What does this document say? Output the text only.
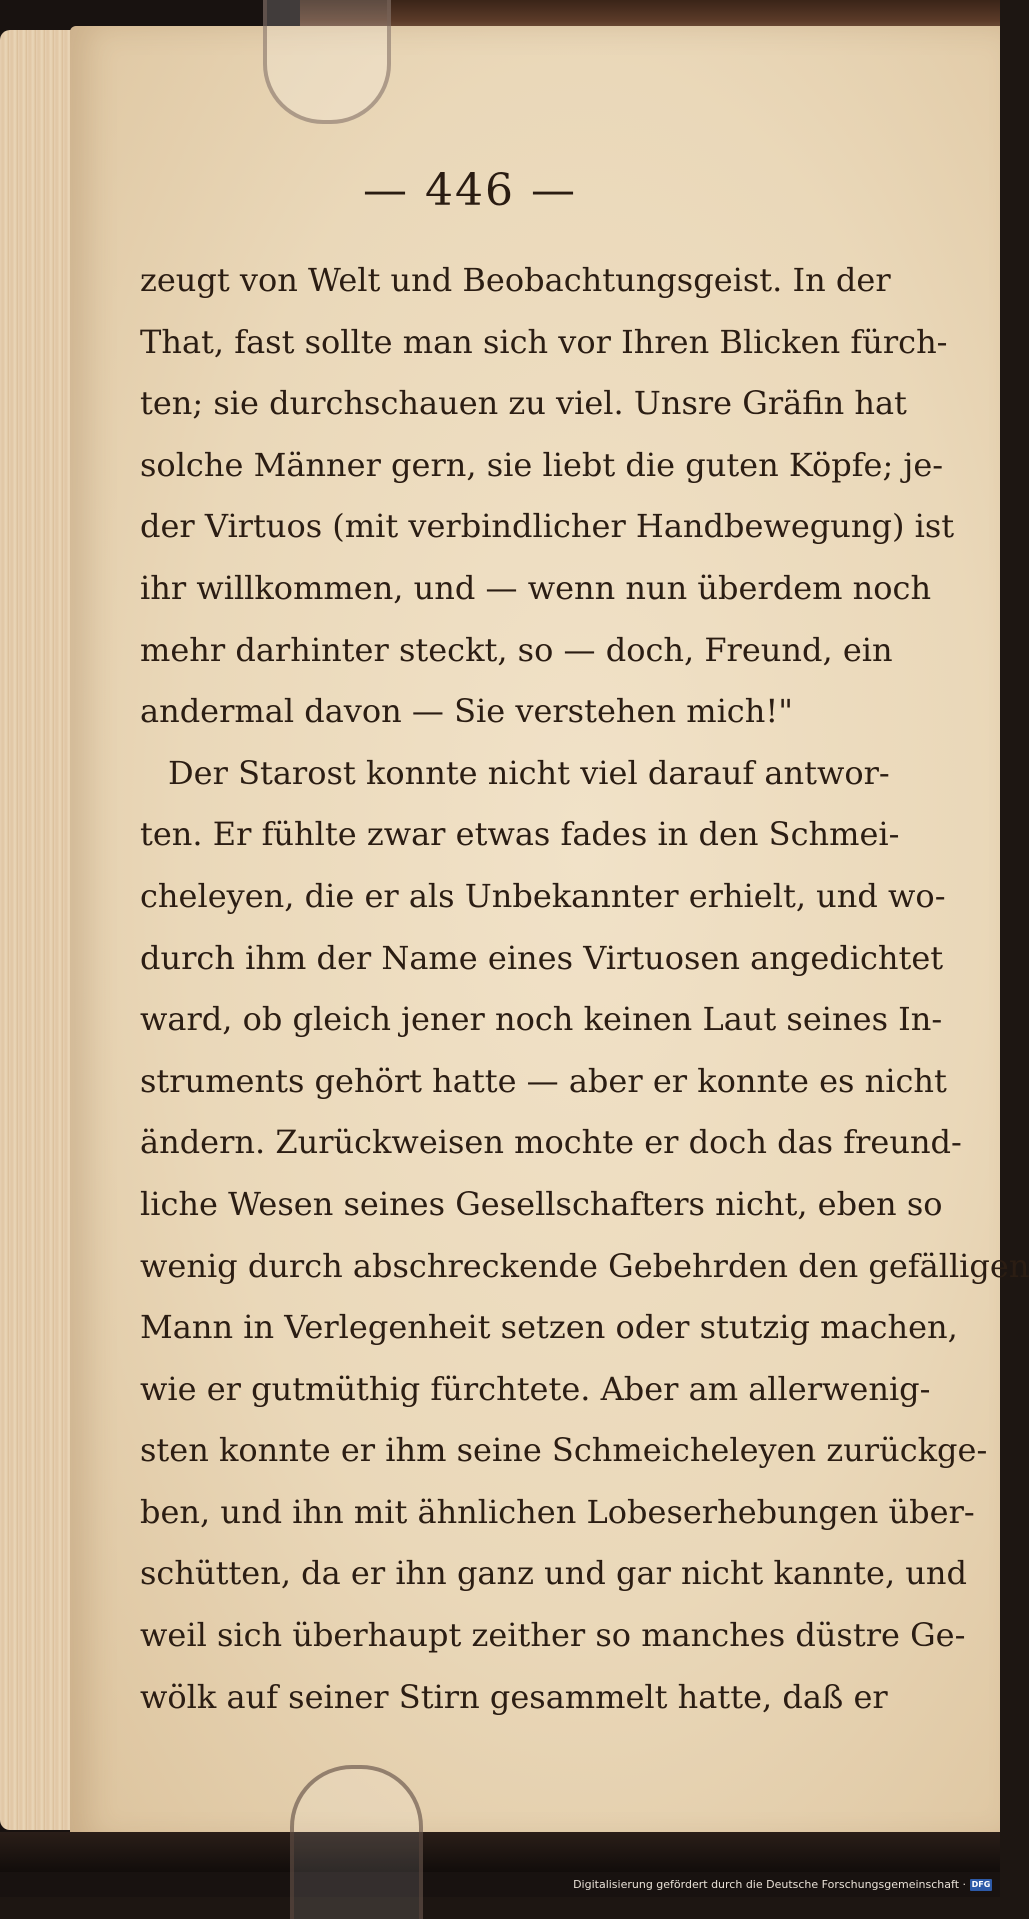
— 446 —
zeugt von Welt und Beobachtungsgeist. In der
That, fast sollte man sich vor Ihren Blicken fürch-
ten; sie durchschauen zu viel. Unsre Gräfin hat
solche Männer gern, sie liebt die guten Köpfe; je-
der Virtuos (mit verbindlicher Handbewegung) ist
ihr willkommen, und — wenn nun überdem noch
mehr darhinter steckt, so — doch, Freund, ein
andermal davon — Sie verstehen mich!"
Der Starost konnte nicht viel darauf antwor-
ten. Er fühlte zwar etwas fades in den Schmei-
cheleyen, die er als Unbekannter erhielt, und wo-
durch ihm der Name eines Virtuosen angedichtet
ward, ob gleich jener noch keinen Laut seines In-
struments gehört hatte — aber er konnte es nicht
ändern. Zurückweisen mochte er doch das freund-
liche Wesen seines Gesellschafters nicht, eben so
wenig durch abschreckende Gebehrden den gefälligen
Mann in Verlegenheit setzen oder stutzig machen,
wie er gutmüthig fürchtete. Aber am allerwenig-
sten konnte er ihm seine Schmeicheleyen zurückge-
ben, und ihn mit ähnlichen Lobeserhebungen über-
schütten, da er ihn ganz und gar nicht kannte, und
weil sich überhaupt zeither so manches düstre Ge-
wölk auf seiner Stirn gesammelt hatte, daß er
Digitalisierung gefördert durch die Deutsche Forschungsgemeinschaft · DFG
